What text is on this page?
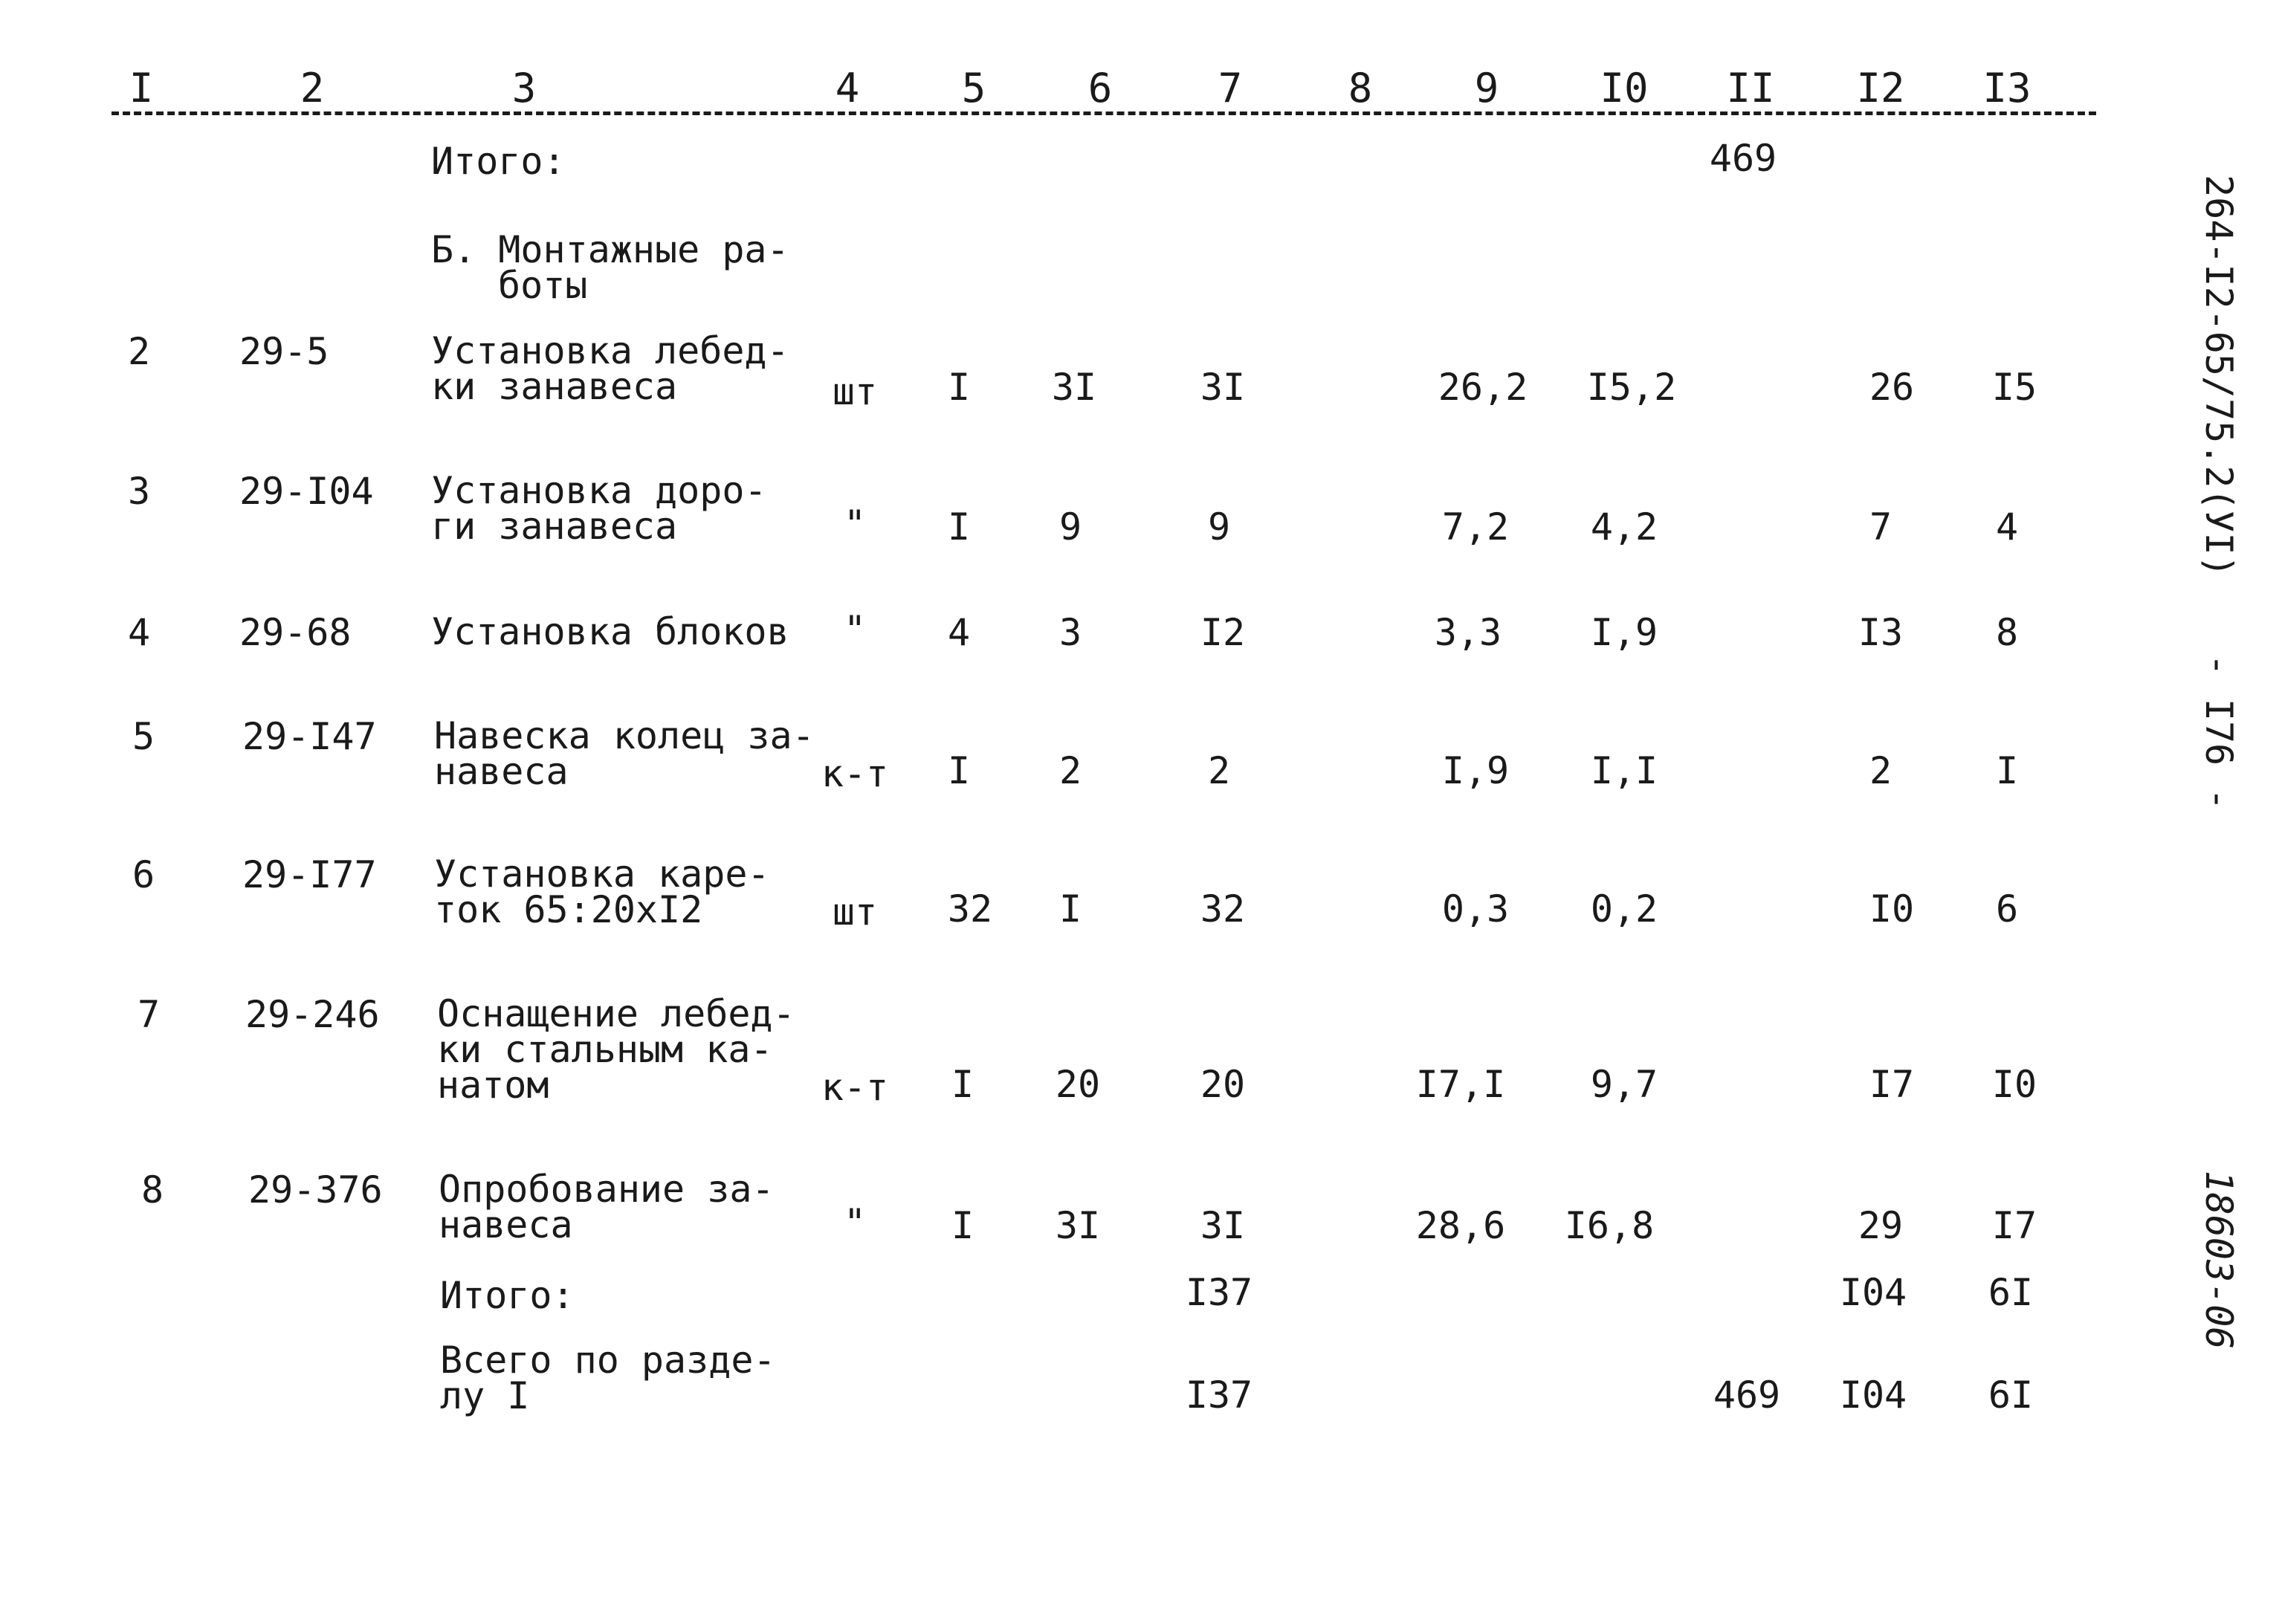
I	2	3	4	5	6	7	8	9	I0 II I2 I3
Итого:	469
Б. Монтажные ра-
боты
2 29-5	Установка лебед-
ки занавеса	шт I 3I	3I	26,2 I5,2	26 I5
3 29-I04 Установка доро-
ги занавеса	" I 9	9	7,2 4,2	7	4
4 29-68 Установка блоков " 4 3	I2	3,3 I,9	I3 8
5 29-I47 Навеска колец за-
навеса	к-т I 2	2	I,9 I,I	2	I
6 29-I77 Установка каре-
ток 65:20хI2	шт 32 I	32	0,3 0,2	I0 6
7 29-246 Оснащение лебед-
ки стальным ка-
натом	к-т I 20	20	I7,I 9,7	I7 I0
8 29-376 Опробование за-
навеса	" I 3I	3I	28,6 I6,8	29 I7
Итого:	I37	I04 6I
Всего по разде-
лу I	I37	469 I04 6I
264-I2-65/75.2(УI)
- I76 -
18603-06
